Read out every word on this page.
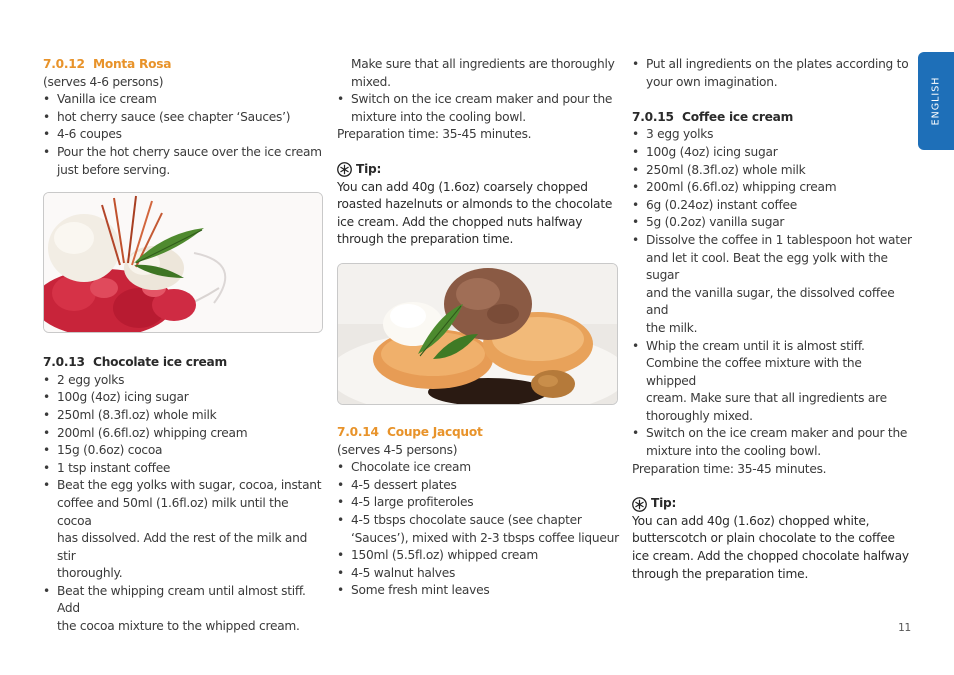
7.0.12 Monta Rosa

(serves 4-6 persons)

• Vanilla ice cream
• hot cherry sauce (see chapter ‘Sauces’)
• 4-6 coupes
• Pour the hot cherry sauce over the ice cream
just before serving.

7.0.13 Chocolate ice cream

• 2 egg yolks
• 100g (4oz) icing sugar
• 250ml (8.3fl.oz) whole milk
• 200ml (6.6fl.oz) whipping cream
• 15g (0.6oz) cocoa
• 1 tsp instant coffee
• Beat the egg yolks with sugar, cocoa, instant
coffee and 50ml (1.6fl.oz) milk until the cocoa
has dissolved. Add the rest of the milk and stir
thoroughly.
• Beat the whipping cream until almost stiff. Add
the cocoa mixture to the whipped cream.

Make sure that all ingredients are thoroughly
mixed.

• Switch on the ice cream maker and pour the
mixture into the cooling bowl.

Preparation time: 35-45 minutes.

Tip:

You can add 40g (1.6oz) coarsely chopped
roasted hazelnuts or almonds to the chocolate
ice cream. Add the chopped nuts halfway
through the preparation time.

7.0.14 Coupe Jacquot

(serves 4-5 persons)

• Chocolate ice cream
• 4-5 dessert plates
• 4-5 large profiteroles
• 4-5 tbsps chocolate sauce (see chapter
‘Sauces’), mixed with 2-3 tbsps coffee liqueur
• 150ml (5.5fl.oz) whipped cream
• 4-5 walnut halves
• Some fresh mint leaves
• Put all ingredients on the plates according to
your own imagination.

7.0.15 Coffee ice cream

• 3 egg yolks
• 100g (4oz) icing sugar
• 250ml (8.3fl.oz) whole milk
• 200ml (6.6fl.oz) whipping cream
• 6g (0.24oz) instant coffee
• 5g (0.2oz) vanilla sugar
• Dissolve the coffee in 1 tablespoon hot water
and let it cool. Beat the egg yolk with the sugar
and the vanilla sugar, the dissolved coffee and
the milk.
• Whip the cream until it is almost stiff.
Combine the coffee mixture with the whipped
cream. Make sure that all ingredients are
thoroughly mixed.
• Switch on the ice cream maker and pour the
mixture into the cooling bowl.

Preparation time: 35-45 minutes.

Tip:

You can add 40g (1.6oz) chopped white,
butterscotch or plain chocolate to the coffee
ice cream. Add the chopped chocolate halfway
through the preparation time.

ENGLISH
11
